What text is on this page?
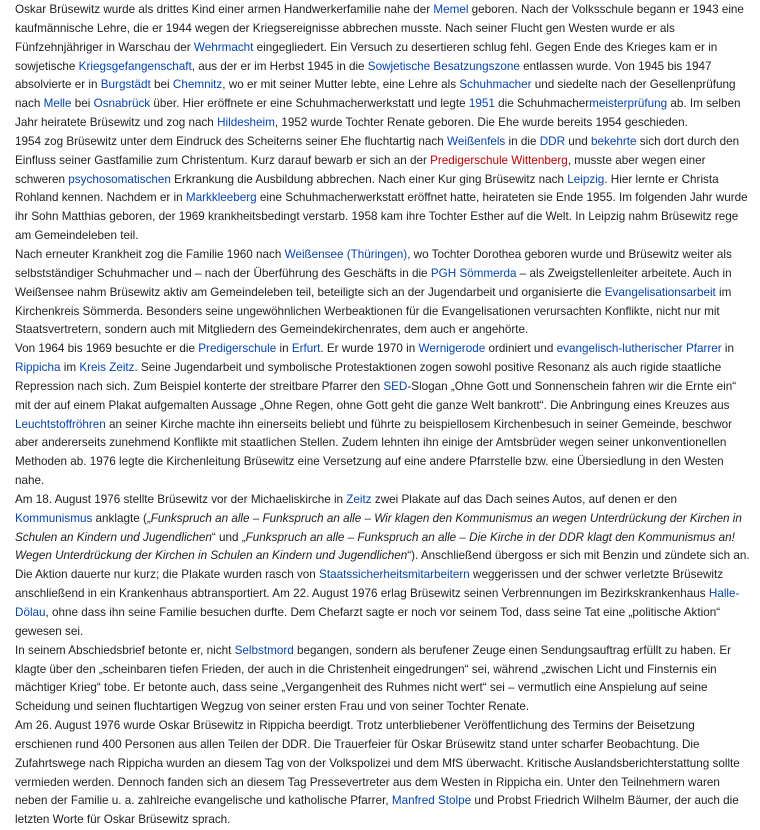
Oskar Brüsewitz wurde als drittes Kind einer armen Handwerkerfamilie nahe der Memel geboren. Nach der Volksschule begann er 1943 eine kaufmännische Lehre, die er 1944 wegen der Kriegsereignisse abbrechen musste. Nach seiner Flucht gen Westen wurde er als Fünfzehnjähriger in Warschau der Wehrmacht eingegliedert. Ein Versuch zu desertieren schlug fehl. Gegen Ende des Krieges kam er in sowjetische Kriegsgefangenschaft, aus der er im Herbst 1945 in die Sowjetische Besatzungszone entlassen wurde. Von 1945 bis 1947 absolvierte er in Burgstädt bei Chemnitz, wo er mit seiner Mutter lebte, eine Lehre als Schuhmacher und siedelte nach der Gesellenprüfung nach Melle bei Osnabrück über. Hier eröffnete er eine Schuhmacherwerkstatt und legte 1951 die Schuhmachermeisterprüfung ab. Im selben Jahr heiratete Brüsewitz und zog nach Hildesheim, 1952 wurde Tochter Renate geboren. Die Ehe wurde bereits 1954 geschieden.

1954 zog Brüsewitz unter dem Eindruck des Scheiterns seiner Ehe fluchtartig nach Weißenfels in die DDR und bekehrte sich dort durch den Einfluss seiner Gastfamilie zum Christentum. Kurz darauf bewarb er sich an der Predigerschule Wittenberg, musste aber wegen einer schweren psychosomatischen Erkrankung die Ausbildung abbrechen. Nach einer Kur ging Brüsewitz nach Leipzig. Hier lernte er Christa Rohland kennen. Nachdem er in Markkleeberg eine Schuhmacherwerkstatt eröffnet hatte, heirateten sie Ende 1955. Im folgenden Jahr wurde ihr Sohn Matthias geboren, der 1969 krankheitsbedingt verstarb. 1958 kam ihre Tochter Esther auf die Welt. In Leipzig nahm Brüsewitz rege am Gemeindeleben teil.

Nach erneuter Krankheit zog die Familie 1960 nach Weißensee (Thüringen), wo Tochter Dorothea geboren wurde und Brüsewitz weiter als selbstständiger Schuhmacher und – nach der Überführung des Geschäfts in die PGH Sömmerda – als Zweigstellenleiter arbeitete. Auch in Weißensee nahm Brüsewitz aktiv am Gemeindeleben teil, beteiligte sich an der Jugendarbeit und organisierte die Evangelisationsarbeit im Kirchenkreis Sömmerda. Besonders seine ungewöhnlichen Werbeaktionen für die Evangelisationen verursachten Konflikte, nicht nur mit Staatsvertretern, sondern auch mit Mitgliedern des Gemeindekirchenrates, dem auch er angehörte.

Von 1964 bis 1969 besuchte er die Predigerschule in Erfurt. Er wurde 1970 in Wernigerode ordiniert und evangelisch-lutherischer Pfarrer in Rippicha im Kreis Zeitz. Seine Jugendarbeit und symbolische Protestaktionen zogen sowohl positive Resonanz als auch rigide staatliche Repression nach sich. Zum Beispiel konterte der streitbare Pfarrer den SED-Slogan „Ohne Gott und Sonnenschein fahren wir die Ernte ein“ mit der auf einem Plakat aufgemalten Aussage „Ohne Regen, ohne Gott geht die ganze Welt bankrott“. Die Anbringung eines Kreuzes aus Leuchtstoffröhren an seiner Kirche machte ihn einerseits beliebt und führte zu beispiellosem Kirchenbesuch in seiner Gemeinde, beschwor aber andererseits zunehmend Konflikte mit staatlichen Stellen. Zudem lehnten ihn einige der Amtsbrüder wegen seiner unkonventionellen Methoden ab. 1976 legte die Kirchenleitung Brüsewitz eine Versetzung auf eine andere Pfarrstelle bzw. eine Übersiedlung in den Westen nahe.

Am 18. August 1976 stellte Brüsewitz vor der Michaeliskirche in Zeitz zwei Plakate auf das Dach seines Autos, auf denen er den Kommunismus anklagte („Funkspruch an alle – Funkspruch an alle – Wir klagen den Kommunismus an wegen Unterdrückung der Kirchen in Schulen an Kindern und Jugendlichen“ und „Funkspruch an alle – Funkspruch an alle – Die Kirche in der DDR klagt den Kommunismus an! Wegen Unterdrückung der Kirchen in Schulen an Kindern und Jugendlichen“). Anschließend übergoss er sich mit Benzin und zündete sich an. Die Aktion dauerte nur kurz; die Plakate wurden rasch von Staatssicherheitsmitarbeitern weggerissen und der schwer verletzte Brüsewitz anschließend in ein Krankenhaus abtransportiert. Am 22. August 1976 erlag Brüsewitz seinen Verbrennungen im Bezirkskrankenhaus Halle-Dölau, ohne dass ihn seine Familie besuchen durfte. Dem Chefarzt sagte er noch vor seinem Tod, dass seine Tat eine „politische Aktion“ gewesen sei.

In seinem Abschiedsbrief betonte er, nicht Selbstmord begangen, sondern als berufener Zeuge einen Sendungsauftrag erfüllt zu haben. Er klagte über den „scheinbaren tiefen Frieden, der auch in die Christenheit eingedrungen“ sei, während „zwischen Licht und Finsternis ein mächtiger Krieg“ tobe. Er betonte auch, dass seine „Vergangenheit des Ruhmes nicht wert“ sei – vermutlich eine Anspielung auf seine Scheidung und seinen fluchtartigen Wegzug von seiner ersten Frau und von seiner Tochter Renate.

Am 26. August 1976 wurde Oskar Brüsewitz in Rippicha beerdigt. Trotz unterbliebener Veröffentlichung des Termins der Beisetzung erschienen rund 400 Personen aus allen Teilen der DDR. Die Trauerfeier für Oskar Brüsewitz stand unter scharfer Beobachtung. Die Zufahrtswege nach Rippicha wurden an diesem Tag von der Volkspolizei und dem MfS überwacht. Kritische Auslandsberichterstattung sollte vermieden werden. Dennoch fanden sich an diesem Tag Pressevertreter aus dem Westen in Rippicha ein. Unter den Teilnehmern waren neben der Familie u. a. zahlreiche evangelische und katholische Pfarrer, Manfred Stolpe und Probst Friedrich Wilhelm Bäumer, der auch die letzten Worte für Oskar Brüsewitz sprach.
